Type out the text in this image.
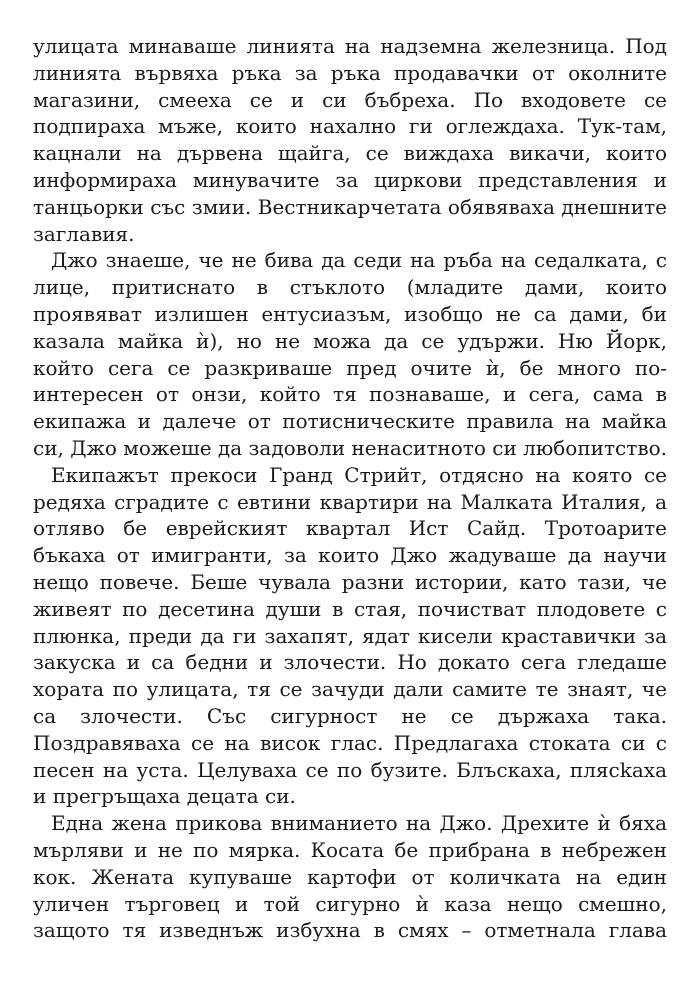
улицата минаваше линията на надземна железница. Под линията вървяха ръка за ръка продавачки от околните магазини, смееха се и си бъбреха. По входовете се подпираха мъже, които нахално ги оглеждаха. Тук-там, кацнали на дървена щайга, се виждаха викачи, които информираха минувачите за циркови представления и танцьорки със змии. Вестникарчетата обявяваха днешните заглавия.

Джо знаеше, че не бива да седи на ръба на седалката, с лице, притиснато в стъклото (младите дами, които проявяват излишен ентусиазъм, изобщо не са дами, би казала майка ѝ), но не можа да се удържи. Ню Йорк, който сега се разкриваше пред очите ѝ, бе много по-интересен от онзи, който тя познаваше, и сега, сама в екипажа и далече от потисническите правила на майка си, Джо можеше да задоволи ненаситното си любопитство.

Екипажът прекоси Гранд Стрийт, отдясно на която се редяха сградите с евтини квартири на Малката Италия, а отляво бе еврейският квартал Ист Сайд. Тротоарите бъкаха от имигранти, за които Джо жадуваше да научи нещо повече. Беше чувала разни истории, като тази, че живеят по десетина души в стая, почистват плодовете с плюнка, преди да ги захапят, ядат кисели краставички за закуска и са бедни и злочести. Но докато сега гледаше хората по улицата, тя се зачуди дали самите те знаят, че са злочести. Със сигурност не се държаха така. Поздравяваха се на висок глас. Предлагаха стоката си с песен на уста. Целуваха се по бузите. Блъскаха, плясkаха и прегръщаха децата си.

Една жена прикова вниманието на Джо. Дрехите ѝ бяха мърляви и не по мярка. Косата бе прибрана в небрежен кок. Жената купуваше картофи от количката на един уличен търговец и той сигурно ѝ каза нещо смешно, защото тя изведнъж избухна в смях – отметнала глава
